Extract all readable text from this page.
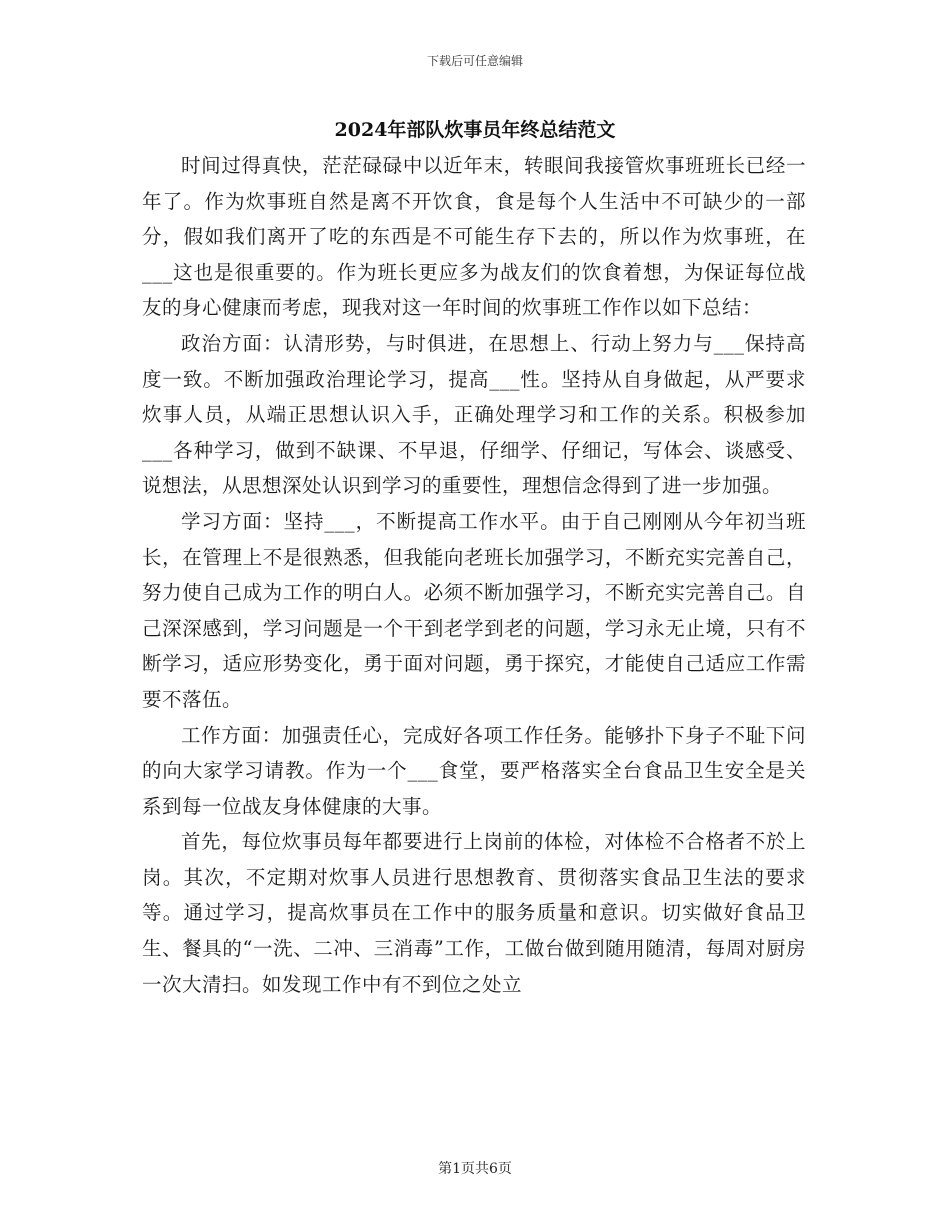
下载后可任意编辑
2024年部队炊事员年终总结范文

时间过得真快，茫茫碌碌中以近年末，转眼间我接管炊事班班长已经一年了。作为炊事班自然是离不开饮食，食是每个人生活中不可缺少的一部分，假如我们离开了吃的东西是不可能生存下去的，所以作为炊事班，在___这也是很重要的。作为班长更应多为战友们的饮食着想，为保证每位战友的身心健康而考虑，现我对这一年时间的炊事班工作作以如下总结：

政治方面：认清形势，与时俱进，在思想上、行动上努力与___保持高度一致。不断加强政治理论学习，提高___性。坚持从自身做起，从严要求炊事人员，从端正思想认识入手，正确处理学习和工作的关系。积极参加___各种学习，做到不缺课、不早退，仔细学、仔细记，写体会、谈感受、说想法，从思想深处认识到学习的重要性，理想信念得到了进一步加强。

学习方面：坚持___，不断提高工作水平。由于自己刚刚从今年初当班长，在管理上不是很熟悉，但我能向老班长加强学习，不断充实完善自己，努力使自己成为工作的明白人。必须不断加强学习，不断充实完善自己。自己深深感到，学习问题是一个干到老学到老的问题，学习永无止境，只有不断学习，适应形势变化，勇于面对问题，勇于探究，才能使自己适应工作需要不落伍。

工作方面：加强责任心，完成好各项工作任务。能够扑下身子不耻下问的向大家学习请教。作为一个___食堂，要严格落实全台食品卫生安全是关系到每一位战友身体健康的大事。

首先，每位炊事员每年都要进行上岗前的体检，对体检不合格者不於上岗。其次，不定期对炊事人员进行思想教育、贯彻落实食品卫生法的要求等。通过学习，提高炊事员在工作中的服务质量和意识。切实做好食品卫生、餐具的“一洗、二冲、三消毒”工作，工做台做到随用随清，每周对厨房一次大清扫。如发现工作中有不到位之处立

第1页共6页
